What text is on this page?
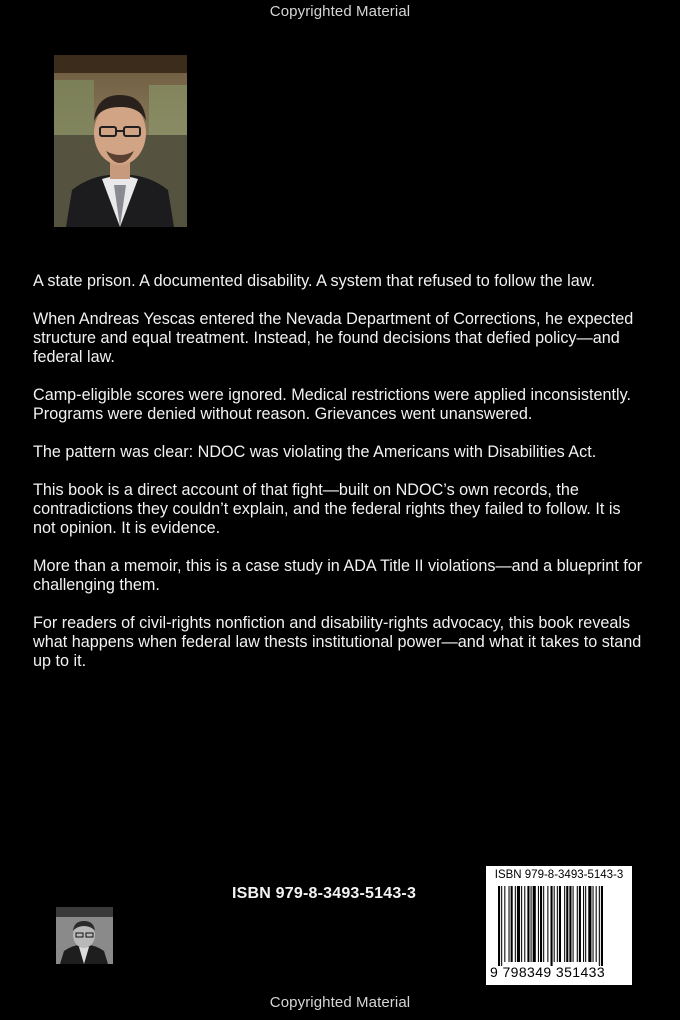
Copyrighted Material

A state prison. A documented disability. A system that refused to follow the law.

When Andreas Yescas entered the Nevada Department of Corrections, he expected structure and equal treatment. Instead, he found decisions that defied policy—and federal law.

Camp-eligible scores were ignored. Medical restrictions were applied inconsistently. Programs were denied without reason. Grievances went unanswered.

The pattern was clear: NDOC was violating the Americans with Disabilities Act.

This book is a direct account of that fight—built on NDOC’s own records, the contradictions they couldn’t explain, and the federal rights they failed to follow. It is not opinion. It is evidence.

More than a memoir, this is a case study in ADA Title II violations—and a blueprint for challenging them.

For readers of civil-rights nonfiction and disability-rights advocacy, this book reveals what happens when federal law thests institutional power—and what it takes to stand up to it.

ISBN 979-8-3493-5143-3
ISBN 979-8-3493-5143-3
9 798349 351433
Copyrighted Material
